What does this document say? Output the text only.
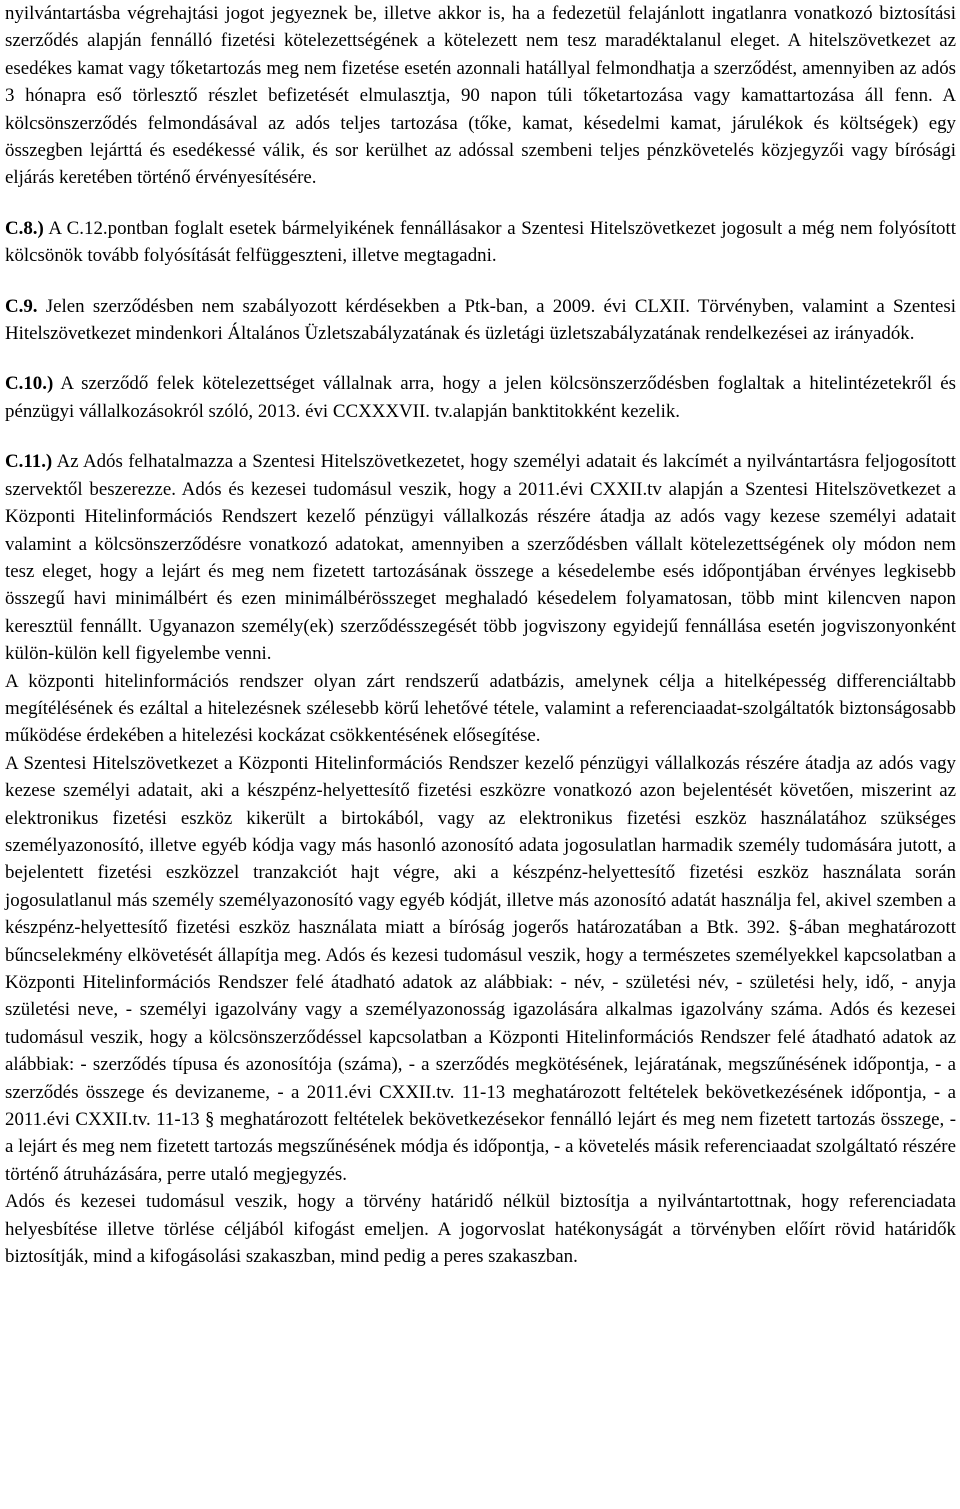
nyilvántartásba végrehajtási jogot jegyeznek be, illetve akkor is, ha a fedezetül felajánlott ingatlanra vonatkozó biztosítási szerződés alapján fennálló fizetési kötelezettségének a kötelezett nem tesz maradéktalanul eleget. A hitelszövetkezet az esedékes kamat vagy tőketartozás meg nem fizetése esetén azonnali hatállyal felmondhatja a szerződést, amennyiben az adós 3 hónapra eső törlesztő részlet befizetését elmulasztja, 90 napon túli tőketartozása vagy kamattartozása áll fenn. A kölcsönszerződés felmondásával az adós teljes tartozása (tőke, kamat, késedelmi kamat, járulékok és költségek) egy összegben lejárttá és esedékessé válik, és sor kerülhet az adóssal szembeni teljes pénzkövetelés közjegyzői vagy bírósági eljárás keretében történő érvényesítésére.

C.8.) A C.12.pontban foglalt esetek bármelyikének fennállásakor a Szentesi Hitelszövetkezet jogosult a még nem folyósított kölcsönök tovább folyósítását felfüggeszteni, illetve megtagadni.

C.9. Jelen szerződésben nem szabályozott kérdésekben a Ptk-ban, a 2009. évi CLXII. Törvényben, valamint a Szentesi Hitelszövetkezet mindenkori Általános Üzletszabályzatának és üzletági üzletszabályzatának rendelkezései az irányadók.

C.10.) A szerződő felek kötelezettséget vállalnak arra, hogy a jelen kölcsönszerződésben foglaltak a hitelintézetekről és pénzügyi vállalkozásokról szóló, 2013. évi CCXXXVII. tv.alapján banktitokként kezelik.

C.11.) Az Adós felhatalmazza a Szentesi Hitelszövetkezetet, hogy személyi adatait és lakcímét a nyilvántartásra feljogosított szervektől beszerezze. Adós és kezesei tudomásul veszik, hogy a 2011.évi CXXII.tv alapján a Szentesi Hitelszövetkezet a Központi Hitelinformációs Rendszert kezelő pénzügyi vállalkozás részére átadja az adós vagy kezese személyi adatait valamint a kölcsönszerződésre vonatkozó adatokat, amennyiben a szerződésben vállalt kötelezettségének oly módon nem tesz eleget, hogy a lejárt és meg nem fizetett tartozásának összege a késedelembe esés időpontjában érvényes legkisebb összegű havi minimálbért és ezen minimálbérösszeget meghaladó késedelem folyamatosan, több mint kilencven napon keresztül fennállt. Ugyanazon személy(ek) szerződésszegését több jogviszony egyidejű fennállása esetén jogviszonyonként külön-külön kell figyelembe venni.

A központi hitelinformációs rendszer olyan zárt rendszerű adatbázis, amelynek célja a hitelképesség differenciáltabb megítélésének és ezáltal a hitelezésnek szélesebb körű lehetővé tétele, valamint a referenciaadat-szolgáltatók biztonságosabb működése érdekében a hitelezési kockázat csökkentésének elősegítése.

A Szentesi Hitelszövetkezet a Központi Hitelinformációs Rendszer kezelő pénzügyi vállalkozás részére átadja az adós vagy kezese személyi adatait, aki a készpénz-helyettesítő fizetési eszközre vonatkozó azon bejelentését követően, miszerint az elektronikus fizetési eszköz kikerült a birtokából, vagy az elektronikus fizetési eszköz használatához szükséges személyazonosító, illetve egyéb kódja vagy más hasonló azonosító adata jogosulatlan harmadik személy tudomására jutott, a bejelentett fizetési eszközzel tranzakciót hajt végre, aki a készpénz-helyettesítő fizetési eszköz használata során jogosulatlanul más személy személyazonosító vagy egyéb kódját, illetve más azonosító adatát használja fel, akivel szemben a készpénz-helyettesítő fizetési eszköz használata miatt a bíróság jogerős határozatában a Btk. 392. §-ában meghatározott bűncselekmény elkövetését állapítja meg. Adós és kezesi tudomásul veszik, hogy a természetes személyekkel kapcsolatban a Központi Hitelinformációs Rendszer felé átadható adatok az alábbiak: - név, - születési név, - születési hely, idő, - anyja születési neve, - személyi igazolvány vagy a személyazonosság igazolására alkalmas igazolvány száma. Adós és kezesei tudomásul veszik, hogy a kölcsönszerződéssel kapcsolatban a Központi Hitelinformációs Rendszer felé átadható adatok az alábbiak: - szerződés típusa és azonosítója (száma), - a szerződés megkötésének, lejáratának, megszűnésének időpontja, - a szerződés összege és devizaneme, - a 2011.évi CXXII.tv. 11-13 meghatározott feltételek bekövetkezésének időpontja, - a 2011.évi CXXII.tv. 11-13 § meghatározott feltételek bekövetkezésekor fennálló lejárt és meg nem fizetett tartozás összege, - a lejárt és meg nem fizetett tartozás megszűnésének módja és időpontja, - a követelés másik referenciaadat szolgáltató részére történő átruházására, perre utaló megjegyzés.

Adós és kezesei tudomásul veszik, hogy a törvény határidő nélkül biztosítja a nyilvántartottnak, hogy referenciadata helyesbítése illetve törlése céljából kifogást emeljen. A jogorvoslat hatékonyságát a törvényben előírt rövid határidők biztosítják, mind a kifogásolási szakaszban, mind pedig a peres szakaszban.
